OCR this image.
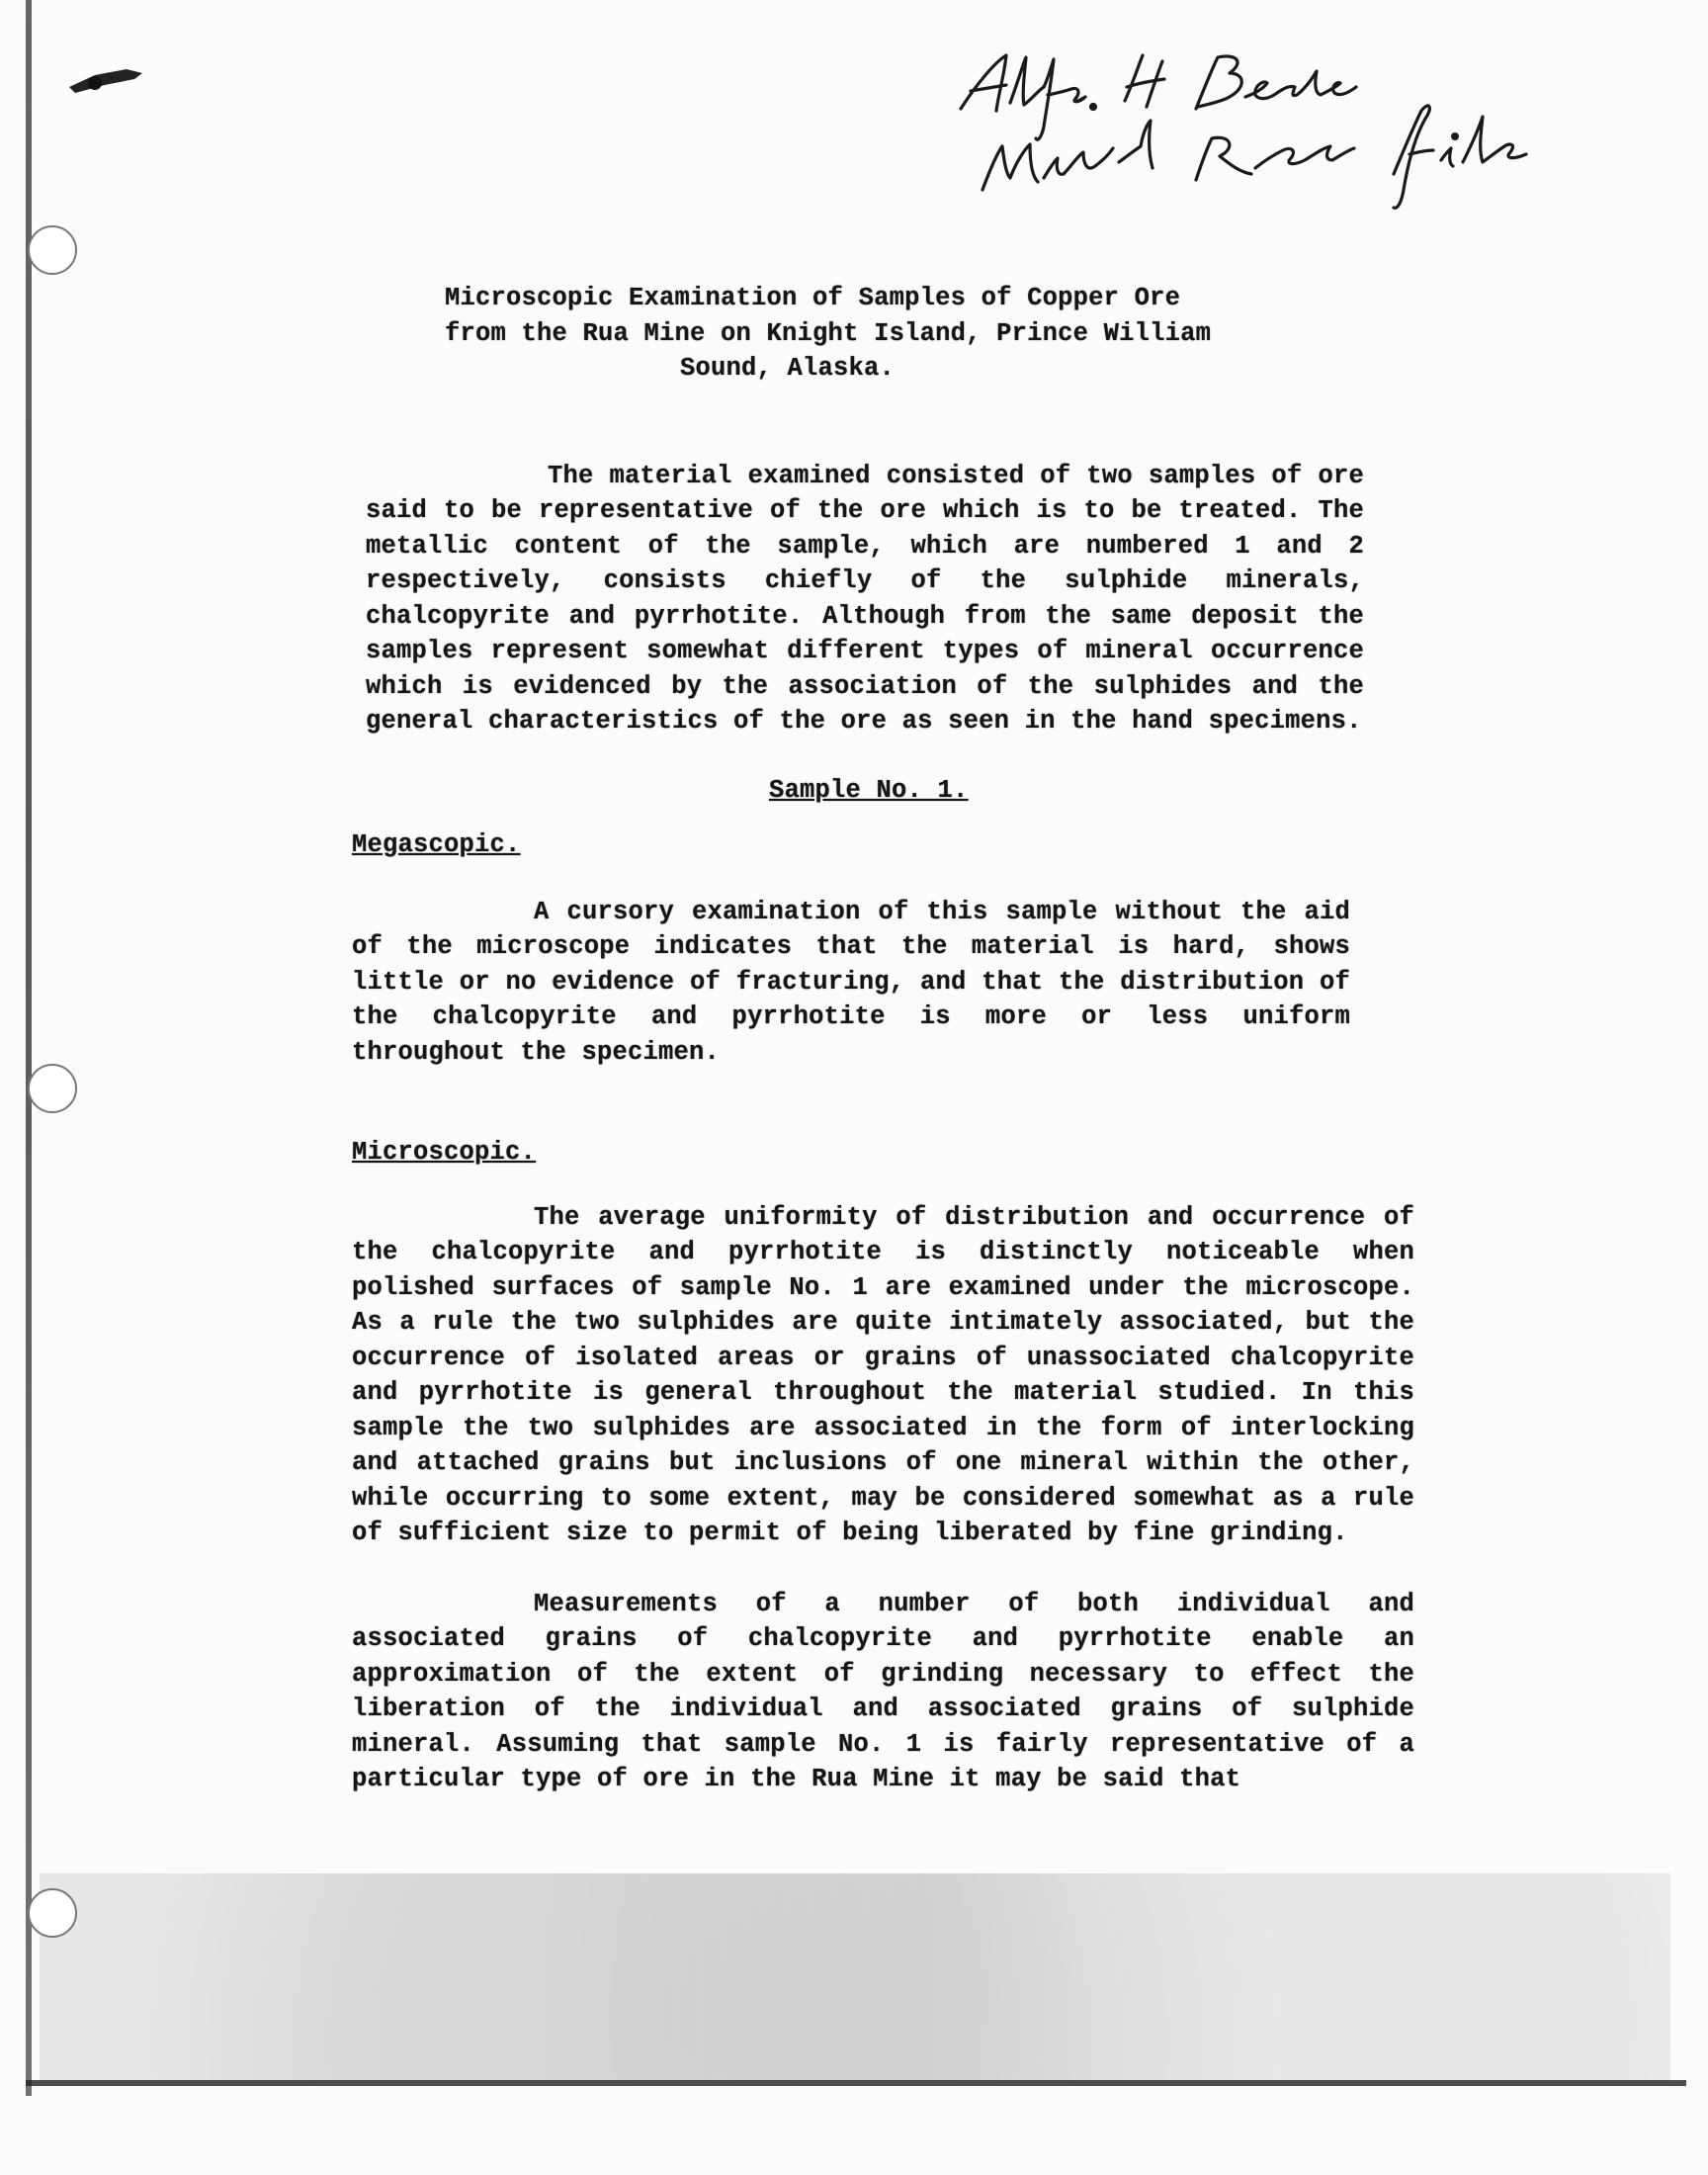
Microscopic Examination of Samples of Copper Ore
from the Rua Mine on Knight Island, Prince William
Sound, Alaska.

The material examined consisted of two samples of ore said to be representative of the ore which is to be treated. The metallic content of the sample, which are numbered 1 and 2 respectively, consists chiefly of the sulphide minerals, chalcopyrite and pyrrhotite. Although from the same deposit the samples represent somewhat different types of mineral occurrence which is evidenced by the association of the sulphides and the general characteristics of the ore as seen in the hand specimens.

Sample No. 1.
Megascopic.

A cursory examination of this sample without the aid of the microscope indicates that the material is hard, shows little or no evidence of fracturing, and that the distribution of the chalcopyrite and pyrrhotite is more or less uniform throughout the specimen.

Microscopic.

The average uniformity of distribution and occurrence of the chalcopyrite and pyrrhotite is distinctly noticeable when polished surfaces of sample No. 1 are examined under the microscope. As a rule the two sulphides are quite intimately associated, but the occurrence of isolated areas or grains of unassociated chalcopyrite and pyrrhotite is general throughout the material studied. In this sample the two sulphides are associated in the form of interlocking and attached grains but inclusions of one mineral within the other, while occurring to some extent, may be considered somewhat as a rule of sufficient size to permit of being liberated by fine grinding.

Measurements of a number of both individual and associated grains of chalcopyrite and pyrrhotite enable an approximation of the extent of grinding necessary to effect the liberation of the individual and associated grains of sulphide mineral. Assuming that sample No. 1 is fairly representative of a particular type of ore in the Rua Mine it may be said that
